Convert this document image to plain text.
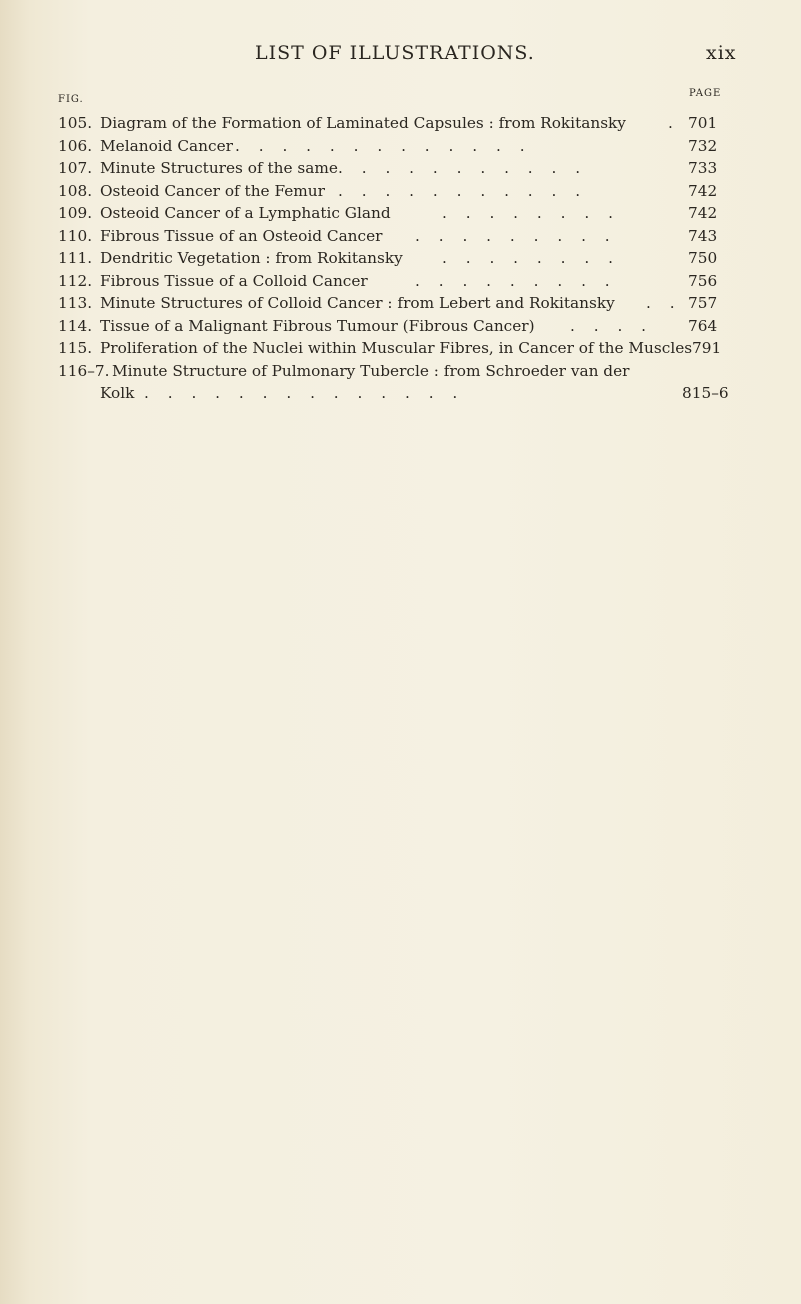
LIST OF ILLUSTRATIONS.	xix
FIG.
PAGE
105. Diagram of the Formation of Laminated Capsules : from Rokitansky	. 701
106. Melanoid Cancer . . . . . . . . . . . . .	732
107. Minute Structures of the same . . . . . . . . . . .	733
108. Osteoid Cancer of the Femur . . . . . . . . . . .	742
109. Osteoid Cancer of a Lymphatic Gland	. . . . . . . .	742
110. Fibrous Tissue of an Osteoid Cancer . . . . . . . . .	743
111. Dendritic Vegetation : from Rokitansky	. . . . . . . .	750
112. Fibrous Tissue of a Colloid Cancer	. . . . . . . . .	756
113. Minute Structures of Colloid Cancer : from Lebert and Rokitansky . . 757
114. Tissue of a Malignant Fibrous Tumour (Fibrous Cancer) . . . . 764
115. Proliferation of the Nuclei within Muscular Fibres, in Cancer of the Muscles 791
116–7. Minute Structure of Pulmonary Tubercle : from Schroeder van der
Kolk . . . . . . . . . . . . . .	815–6
